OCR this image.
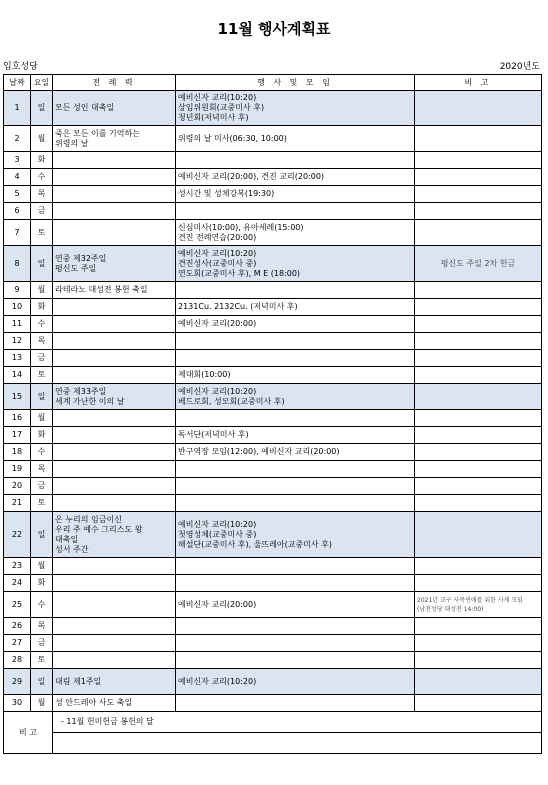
11월 행사계획표
입호성당	2020년도
날짜	요일	전 례 력	행 사 및 모 임	비 고
1	일	모든 성인 대축일	예비신자 교리(10:20)
상임위원회(교중미사 후)
청년회(저녁미사 후)	

2	월	죽은 모든 이를 기억하는
위령의 날	위령의 날 미사(06:30, 10:00)	

3	화			
4	수		예비신자 교리(20:00), 견진 교리(20:00)	

5	목		성시간 및 성체강복(19:30)	

6	금			
7	토		신심미사(10:00), 유아세례(15:00)
견진 전례연습(20:00)	

8	일	연중 제32주일
평신도 주일	예비신자 교리(10:20)
견진성사(교중미사 중)
연도회(교중미사 후), M E (18:00)	평신도 주일 2차 헌금

9	월	라테라노 대성전 봉헌 축일		

10	화		2131Cu. 2132Cu. (저녁미사 후)	

11	수		예비신자 교리(20:00)	

12	목			
13	금			
14	토		제대회(10:00)	

15	일	연중 제33주일
세계 가난한 이의 날	예비신자 교리(10:20)
베드로회, 성모회(교중미사 후)	

16	월			
17	화		독서단(저녁미사 후)	

18	수		반구역장 모임(12:00), 예비신자 교리(20:00)	

19	목			
20	금			
21	토			
22	일	온 누리의 임금이신
우리 주 예수 그리스도 왕
대축일
성서 주간	예비신자 교리(10:20)
첫영성체(교중미사 중)
해설단(교중미사 후), 울뜨레아(교중미사 후)	

23	월			
24	화			
25	수		예비신자 교리(20:00)	2021년 교구 사목연애를 위한 사제 모임
(남천성당 대성전 14:00)

26	목			
27	금			
28	토			
29	일	대림 제1주일	예비신자 교리(10:20)	

30	월	성 안드레아 사도 축일		

비 고		- 11월 헌미헌금 봉헌의 달		
